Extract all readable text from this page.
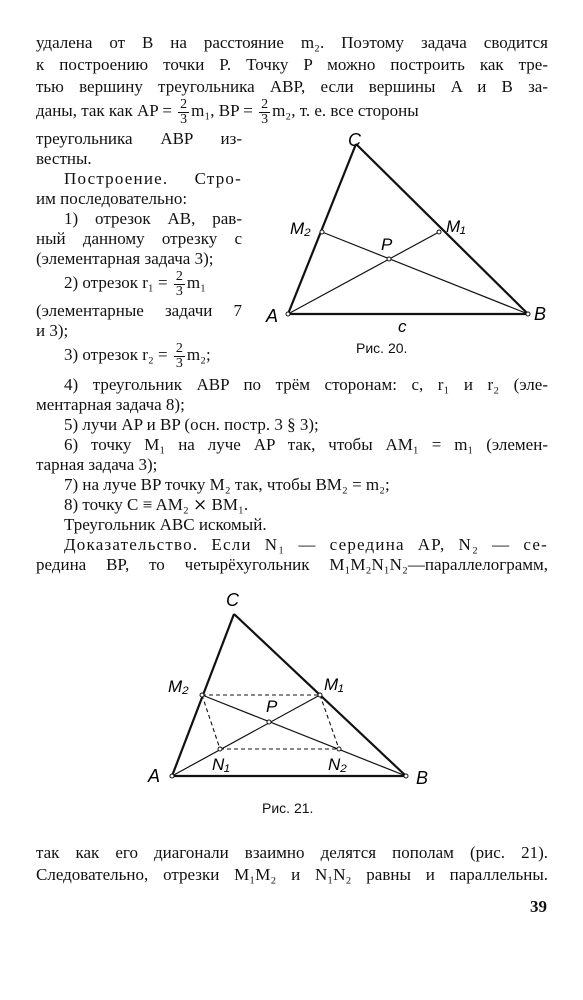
удалена от B на расстояние m₂. Поэтому задача сводится
к построению точки P. Точку P можно построить как тре-
тью вершину треугольника ABP, если вершины A и B за-
даны, так как AP = $\frac{2}{3} m_1$, BP = $\frac{2}{3} m_2$, т. е. все стороны
треугольника ABP из-
вестны.
Построение. Стро-
им последовательно:
1) отрезок AB, рав-
ный данному отрезку c
(элементарная задача 3);
2) отрезок $r_1 = \frac{2}{3} m_1$
(элементарные задачи 7
и 3);
3) отрезок $r_2 = \frac{2}{3} m_2$;
C
A	B
M₂	M₁
P
c
Рис. 20.
4) треугольник ABP по трём сторонам: c, r₁ и r₂ (эле-
ментарная задача 8);
5) лучи AP и BP (осн. постр. 3 § 3);
6) точку M₁ на луче AP так, чтобы AM₁ = m₁ (элемен-
тарная задача 3);
7) на луче BP точку M₂ так, чтобы BM₂ = m₂;
8) точку C ≡ AM₂ ⨯ BM₁.
Треугольник ABC искомый.
Доказательство. Если N₁ — середина AP, N₂ — се-
редина BP, то четырёхугольник M₁M₂N₁N₂—параллелограмм,
C
A	B
M₂	M₁
P
N₁	N₂
Рис. 21.
так как его диагонали взаимно делятся пополам (рис. 21).
Следовательно, отрезки M₁M₂ и N₁N₂ равны и параллельны.
39
